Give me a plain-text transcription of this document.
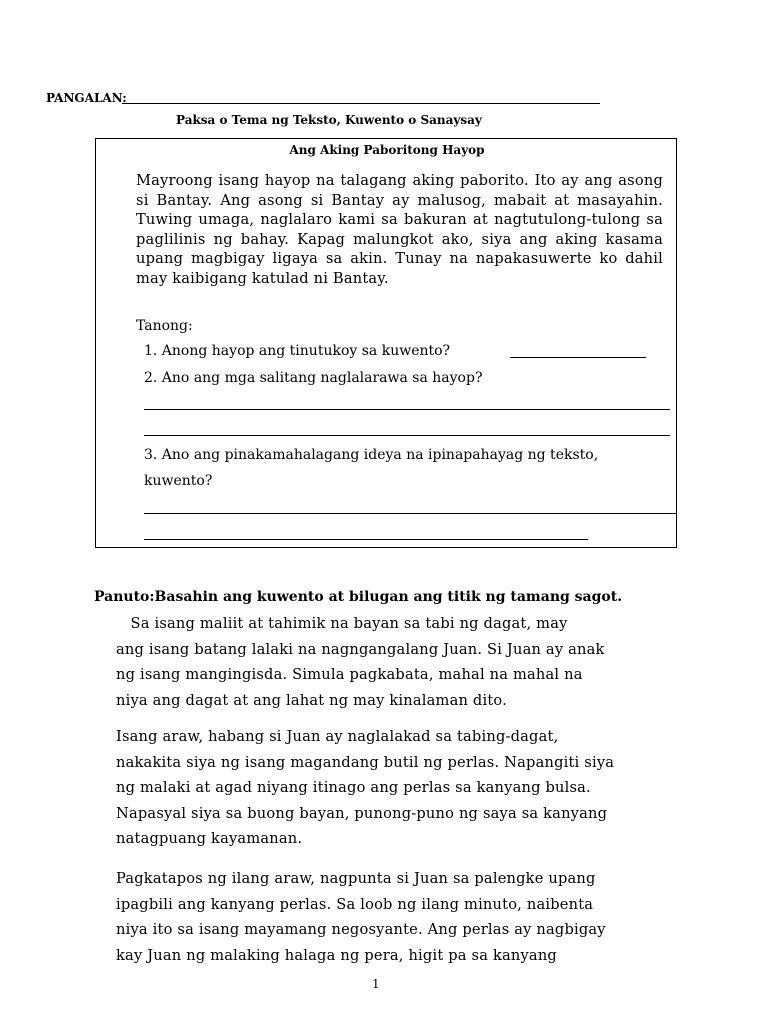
PANGALAN:
Paksa o Tema ng Teksto, Kuwento o Sanaysay
Ang Aking Paboritong Hayop
Mayroong isang hayop na talagang aking paborito. Ito ay ang asong si Bantay. Ang asong si Bantay ay malusog, mabait at masayahin. Tuwing umaga, naglalaro kami sa bakuran at nagtutulong-tulong sa paglilinis ng bahay. Kapag malungkot ako, siya ang aking kasama upang magbigay ligaya sa akin. Tunay na napakasuwerte ko dahil may kaibigang katulad ni Bantay.
Tanong:
1. Anong hayop ang tinutukoy sa kuwento?
2. Ano ang mga salitang naglalarawa sa hayop?
3. Ano ang pinakamahalagang ideya na ipinapahayag ng teksto,
kuwento?
Panuto:Basahin ang kuwento at bilugan ang titik ng tamang sagot.
Sa isang maliit at tahimik na bayan sa tabi ng dagat, may
ang isang batang lalaki na nagngangalang Juan. Si Juan ay anak
ng isang mangingisda. Simula pagkabata, mahal na mahal na
niya ang dagat at ang lahat ng may kinalaman dito.
Isang araw, habang si Juan ay naglalakad sa tabing-dagat,
nakakita siya ng isang magandang butil ng perlas. Napangiti siya
ng malaki at agad niyang itinago ang perlas sa kanyang bulsa.
Napasyal siya sa buong bayan, punong-puno ng saya sa kanyang
natagpuang kayamanan.
Pagkatapos ng ilang araw, nagpunta si Juan sa palengke upang
ipagbili ang kanyang perlas. Sa loob ng ilang minuto, naibenta
niya ito sa isang mayamang negosyante. Ang perlas ay nagbigay
kay Juan ng malaking halaga ng pera, higit pa sa kanyang
1
